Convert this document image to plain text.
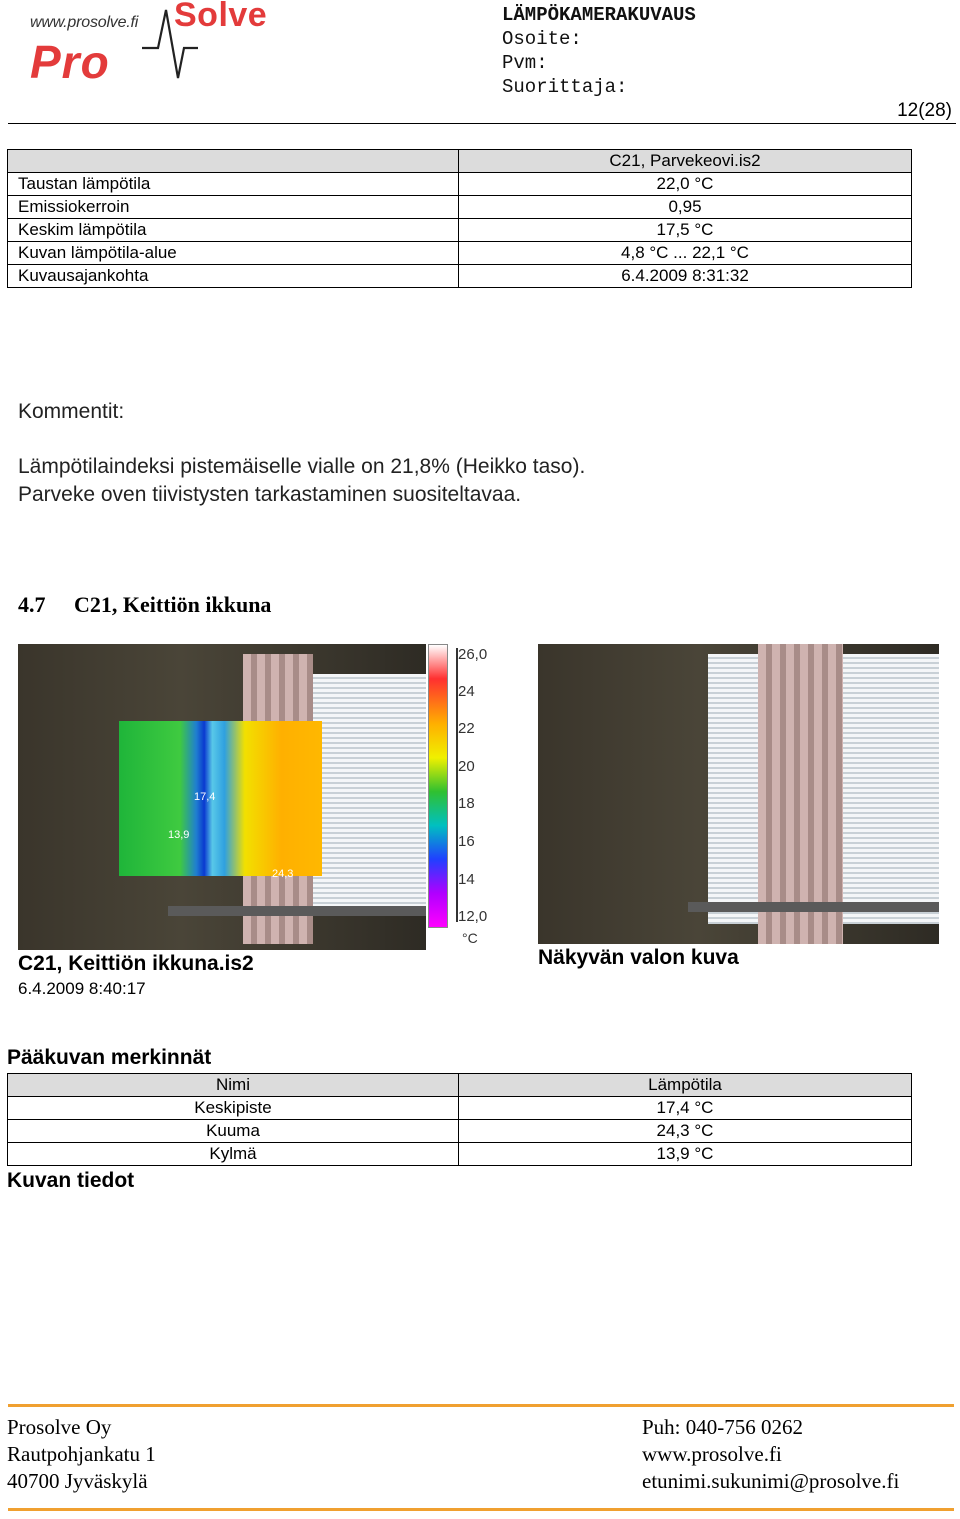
www.prosolve.fi Solve
Pro
LÄMPÖKAMERAKUVAUS
Osoite:
Pvm:
Suorittaja:
12(28)
	C21, Parvekeovi.is2
Taustan lämpötila	22,0 °C
Emissiokerroin	0,95
Keskim lämpötila	17,5 °C
Kuvan lämpötila-alue	4,8 °C ... 22,1 °C
Kuvausajankohta	6.4.2009 8:31:32
Kommentit:
Lämpötilaindeksi pistemäiselle vialle on 21,8% (Heikko taso).
Parveke oven tiivistysten tarkastaminen suositeltavaa.
4.7 C21, Keittiön ikkuna
17,4
13,9
24,3
26,0
24
22
20
18
16
14
12,0
°C
C21, Keittiön ikkuna.is2
6.4.2009 8:40:17
Näkyvän valon kuva
Pääkuvan merkinnät
Nimi	Lämpötila
Keskipiste	17,4 °C
Kuuma	24,3 °C
Kylmä	13,9 °C
Kuvan tiedot
Prosolve Oy
Rautpohjankatu 1
40700 Jyväskylä
Puh: 040-756 0262
www.prosolve.fi
etunimi.sukunimi@prosolve.fi
